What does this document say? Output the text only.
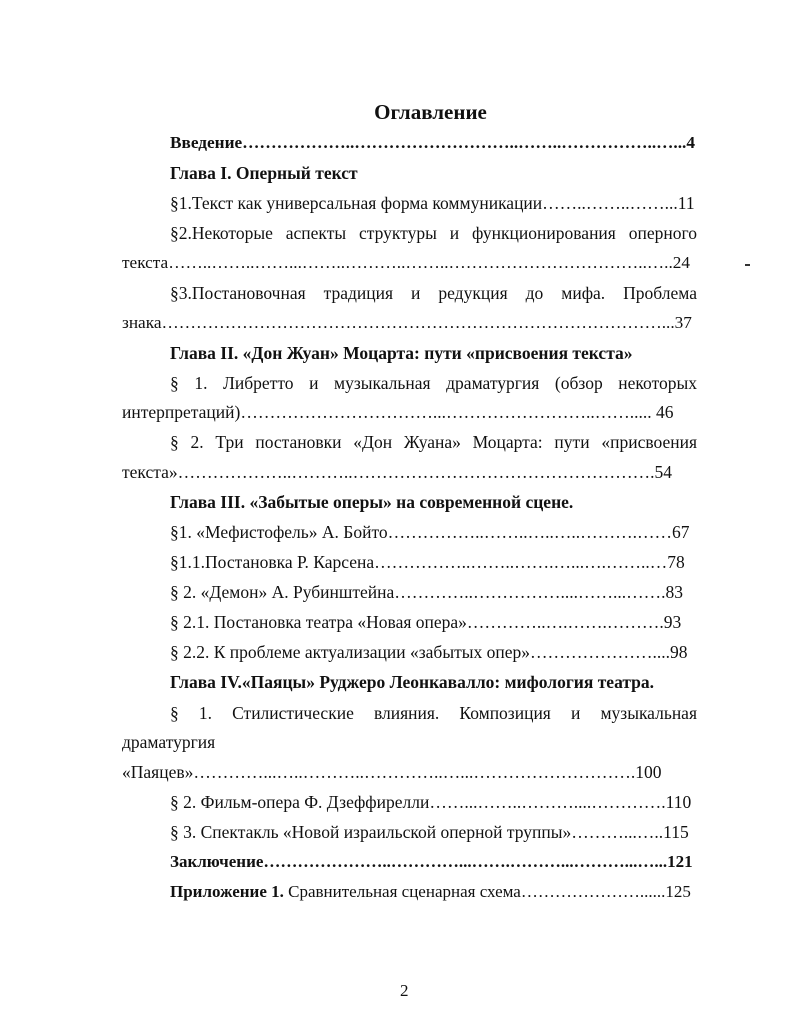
Оглавление
Введение………………..………………………..……..……………..…...4
Глава I. Оперный текст
§1.Текст как универсальная форма коммуникации……..……..……...11
§2.Некоторые аспекты структуры и функционирования оперного
текста……..……..……...……..………..……..……………………………..…..24
§3.Постановочная традиция и редукция до мифа. Проблема
знака……………………………………………………………………………...37
Глава II. «Дон Жуан» Моцарта: пути «присвоения текста»
§ 1. Либретто и музыкальная драматургия (обзор некоторых
интерпретаций)……………………………...……………………..……..... 46
§ 2. Три постановки «Дон Жуана» Моцарта: пути «присвоения
текста»………………..………..…………………………………………….54
Глава III. «Забытые оперы» на современной сцене.
§1. «Мефистофель» А. Бойто……………..……..…..…..……….……67
§1.1.Постановка Р. Карсена……………..……..…….…...….……..…78
§ 2. «Демон» А. Рубинштейна…………..……………....……...…….83
§ 2.1. Постановка театра «Новая опера»…………..….…….……….93
§ 2.2. К проблеме актуализации «забытых опер»…………………....98
Глава IV.«Паяцы» Руджеро Леонкавалло: мифология театра.
§ 1. Стилистические влияния. Композиция и музыкальная
драматургия
«Паяцев»…………...…..………..…………..…...……………………….100
§ 2. Фильм-опера Ф. Дзеффирелли……...……..………....………….110
§ 3. Спектакль «Новой израильской оперной труппы»………...…..115
Заключение…………………..…………...…….………...………...…...121
Приложение 1. Сравнительная сценарная схема…………………......125
2
